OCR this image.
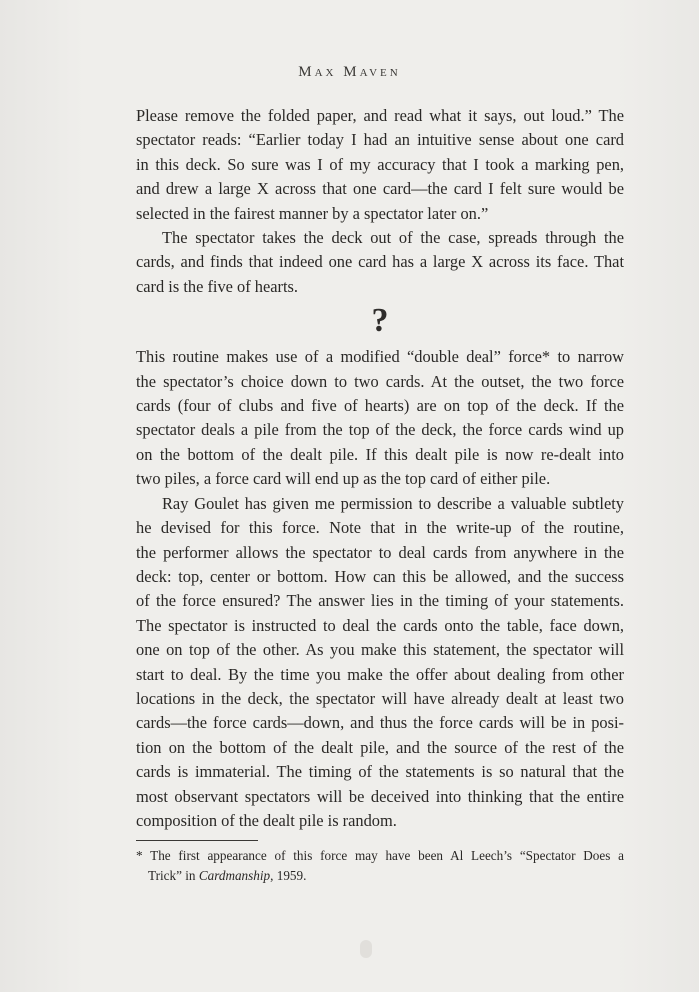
Max Maven
Please remove the folded paper, and read what it says, out loud.” The
spectator reads: “Earlier today I had an intuitive sense about one card
in this deck. So sure was I of my accuracy that I took a marking pen,
and drew a large X across that one card—the card I felt sure would be
selected in the fairest manner by a spectator later on.”
The spectator takes the deck out of the case, spreads through the
cards, and finds that indeed one card has a large X across its face. That
card is the five of hearts.
?
This routine makes use of a modified “double deal” force* to narrow
the spectator’s choice down to two cards. At the outset, the two force
cards (four of clubs and five of hearts) are on top of the deck. If the
spectator deals a pile from the top of the deck, the force cards wind up
on the bottom of the dealt pile. If this dealt pile is now re-dealt into
two piles, a force card will end up as the top card of either pile.
Ray Goulet has given me permission to describe a valuable subtlety
he devised for this force. Note that in the write-up of the routine,
the performer allows the spectator to deal cards from anywhere in the
deck: top, center or bottom. How can this be allowed, and the success
of the force ensured? The answer lies in the timing of your statements.
The spectator is instructed to deal the cards onto the table, face down,
one on top of the other. As you make this statement, the spectator will
start to deal. By the time you make the offer about dealing from other
locations in the deck, the spectator will have already dealt at least two
cards—the force cards—down, and thus the force cards will be in posi-
tion on the bottom of the dealt pile, and the source of the rest of the
cards is immaterial. The timing of the statements is so natural that the
most observant spectators will be deceived into thinking that the entire
composition of the dealt pile is random.
* The first appearance of this force may have been Al Leech’s “Spectator Does a
Trick” in Cardmanship, 1959.
